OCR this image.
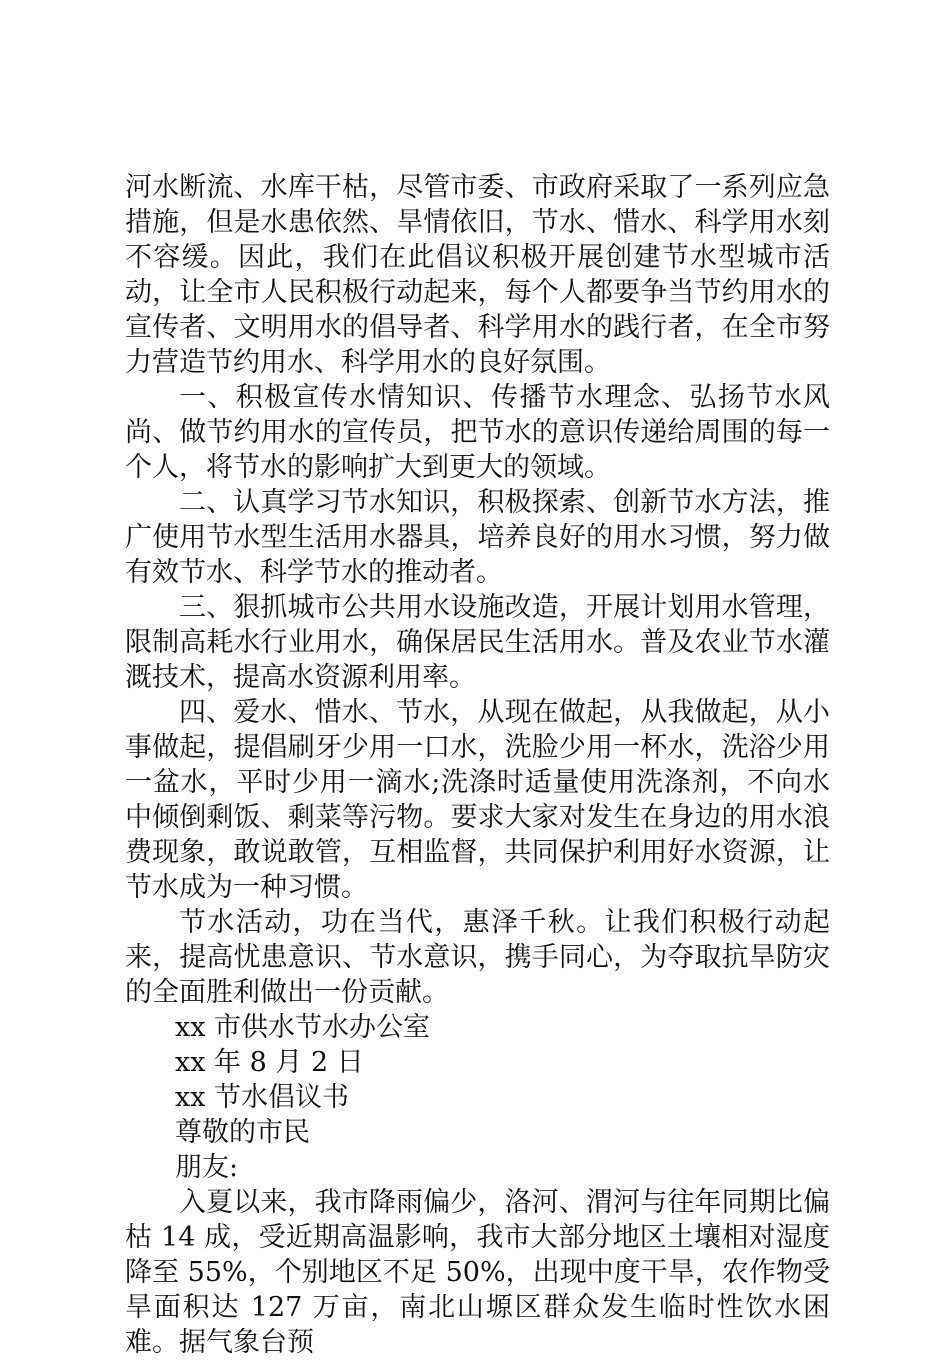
河水断流、水库干枯，尽管市委、市政府采取了一系列应急措施，但是水患依然、旱情依旧，节水、惜水、科学用水刻不容缓。因此，我们在此倡议积极开展创建节水型城市活动，让全市人民积极行动起来，每个人都要争当节约用水的宣传者、文明用水的倡导者、科学用水的践行者，在全市努力营造节约用水、科学用水的良好氛围。

一、积极宣传水情知识、传播节水理念、弘扬节水风尚、做节约用水的宣传员，把节水的意识传递给周围的每一个人，将节水的影响扩大到更大的领域。

二、认真学习节水知识，积极探索、创新节水方法，推广使用节水型生活用水器具，培养良好的用水习惯，努力做有效节水、科学节水的推动者。

三、狠抓城市公共用水设施改造，开展计划用水管理，限制高耗水行业用水，确保居民生活用水。普及农业节水灌溉技术，提高水资源利用率。

四、爱水、惜水、节水，从现在做起，从我做起，从小事做起，提倡刷牙少用一口水，洗脸少用一杯水，洗浴少用一盆水，平时少用一滴水;洗涤时适量使用洗涤剂，不向水中倾倒剩饭、剩菜等污物。要求大家对发生在身边的用水浪费现象，敢说敢管，互相监督，共同保护利用好水资源，让节水成为一种习惯。

节水活动，功在当代，惠泽千秋。让我们积极行动起来，提高忧患意识、节水意识，携手同心，为夺取抗旱防灾的全面胜利做出一份贡献。

xx 市供水节水办公室

xx 年 8 月 2 日

xx 节水倡议书

尊敬的市民

朋友:

入夏以来，我市降雨偏少，洛河、渭河与往年同期比偏枯 14 成，受近期高温影响，我市大部分地区土壤相对湿度降至 55%，个别地区不足 50%，出现中度干旱，农作物受旱面积达 127 万亩，南北山塬区群众发生临时性饮水困难。据气象台预
